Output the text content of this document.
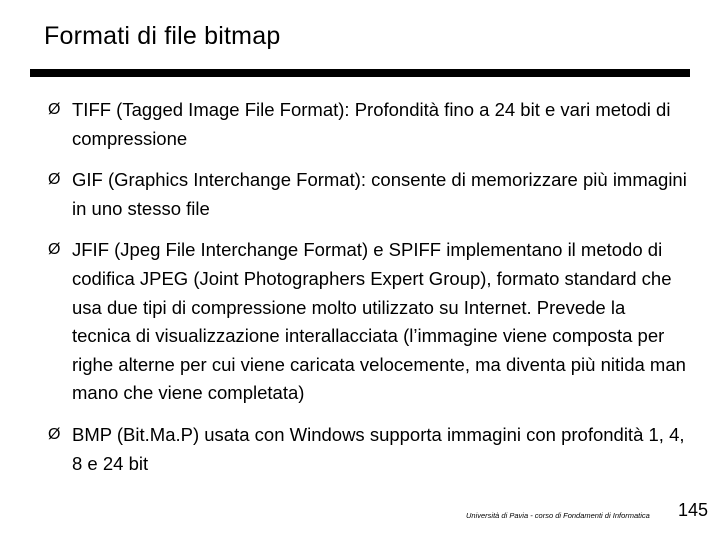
Formati di file bitmap
Ø TIFF (Tagged Image File Format): Profondità fino a 24 bit e vari metodi di compressione
Ø GIF (Graphics Interchange Format): consente di memorizzare più immagini in uno stesso file
Ø JFIF (Jpeg File Interchange Format) e SPIFF implementano il metodo di codifica JPEG (Joint Photographers Expert Group), formato standard che usa due tipi di compressione molto utilizzato su Internet. Prevede la tecnica di visualizzazione interallacciata (l’immagine viene composta per righe alterne per cui viene caricata velocemente, ma diventa più nitida man mano che viene completata)
Ø BMP (Bit.Ma.P) usata con Windows supporta immagini con profondità 1, 4, 8 e 24 bit
Università di Pavia - corso di Fondamenti di Informatica 145
